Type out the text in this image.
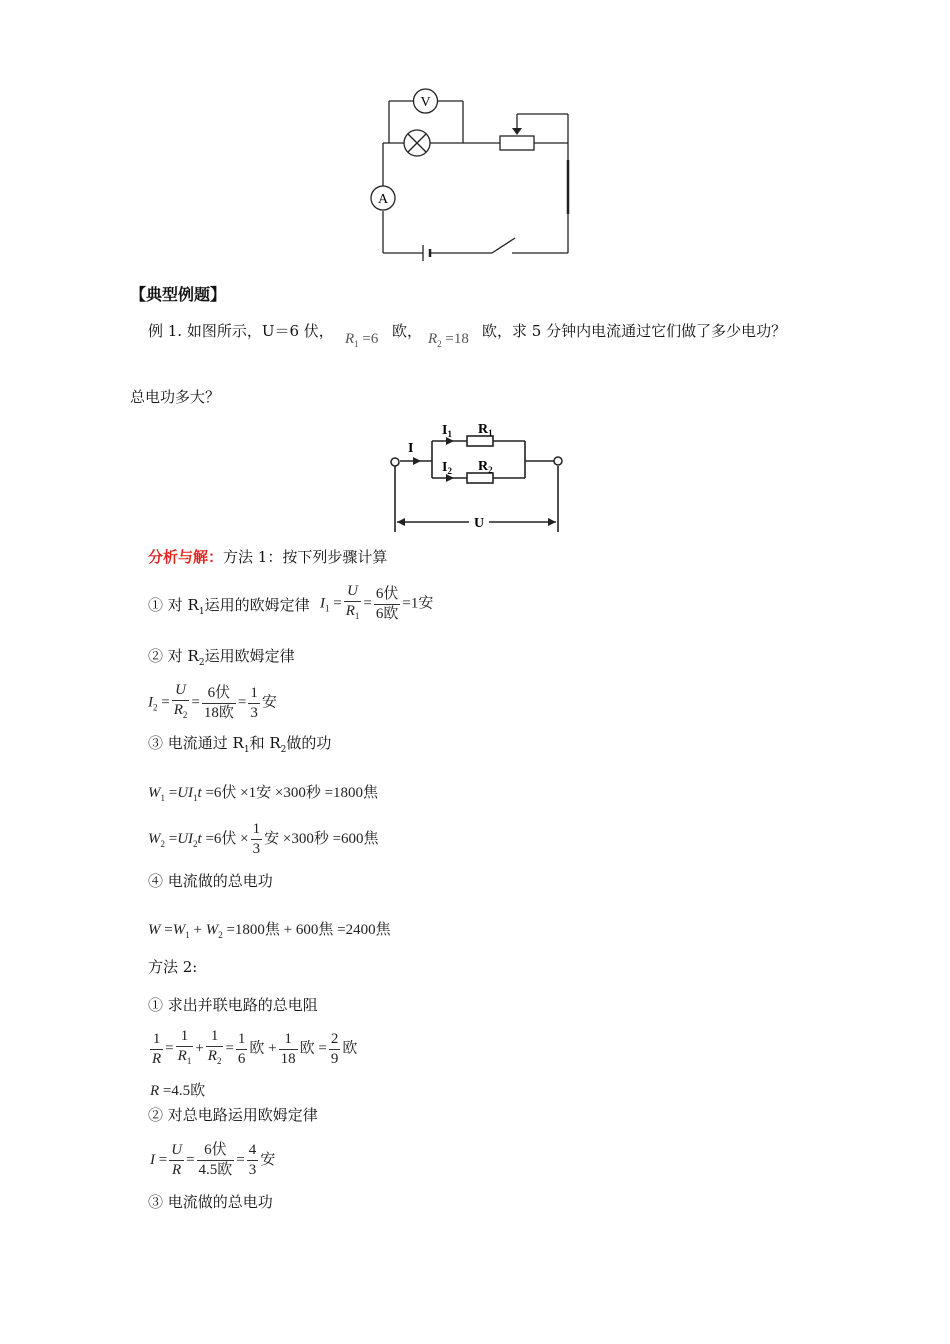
V
A
【典型例题】
例 1. 如图所示，U＝6 伏， $R_1 =6$ 欧， $R_2 =18$ 欧，求 5 分钟内电流通过它们做了多少电功？
总电功多大？
I
$I_1$
$I_2$
$R_1$
$R_2$
U
分析与解：方法 1：按下列步骤计算
① 对 $R_1$运用的欧姆定律 $I_1 = \frac{U}{R_1} = \frac{\text{6伏}}{\text{6欧}} =1$安
② 对 $R_2$运用欧姆定律
$I_2 = \frac{U}{R_2} = \frac{\text{6伏}}{\text{18欧}} = \frac{1}{3}$ 安
③ 电流通过 $R_1$和 $R_2$做的功
$W_1 =UI_1t =6$伏 ×1安 ×300秒 =1800焦
$W_2 =UI_2t =6$伏 × $\frac{1}{3}$ 安 ×300秒 =600焦
④ 电流做的总电功
$W =W_1 + W_2 =1800$焦 + 600焦 =2400焦
方法 2:
① 求出并联电路的总电阻
$\frac{1}{R} = \frac{1}{R_1} + \frac{1}{R_2} = \frac{1}{6}$ 欧 + $\frac{1}{18}$ 欧 = $\frac{2}{9}$ 欧
R =4.5欧
② 对总电路运用欧姆定律
$I = \frac{U}{R} = \frac{\text{6伏}}{\text{4.5欧}} = \frac{4}{3}$ 安
③ 电流做的总电功
